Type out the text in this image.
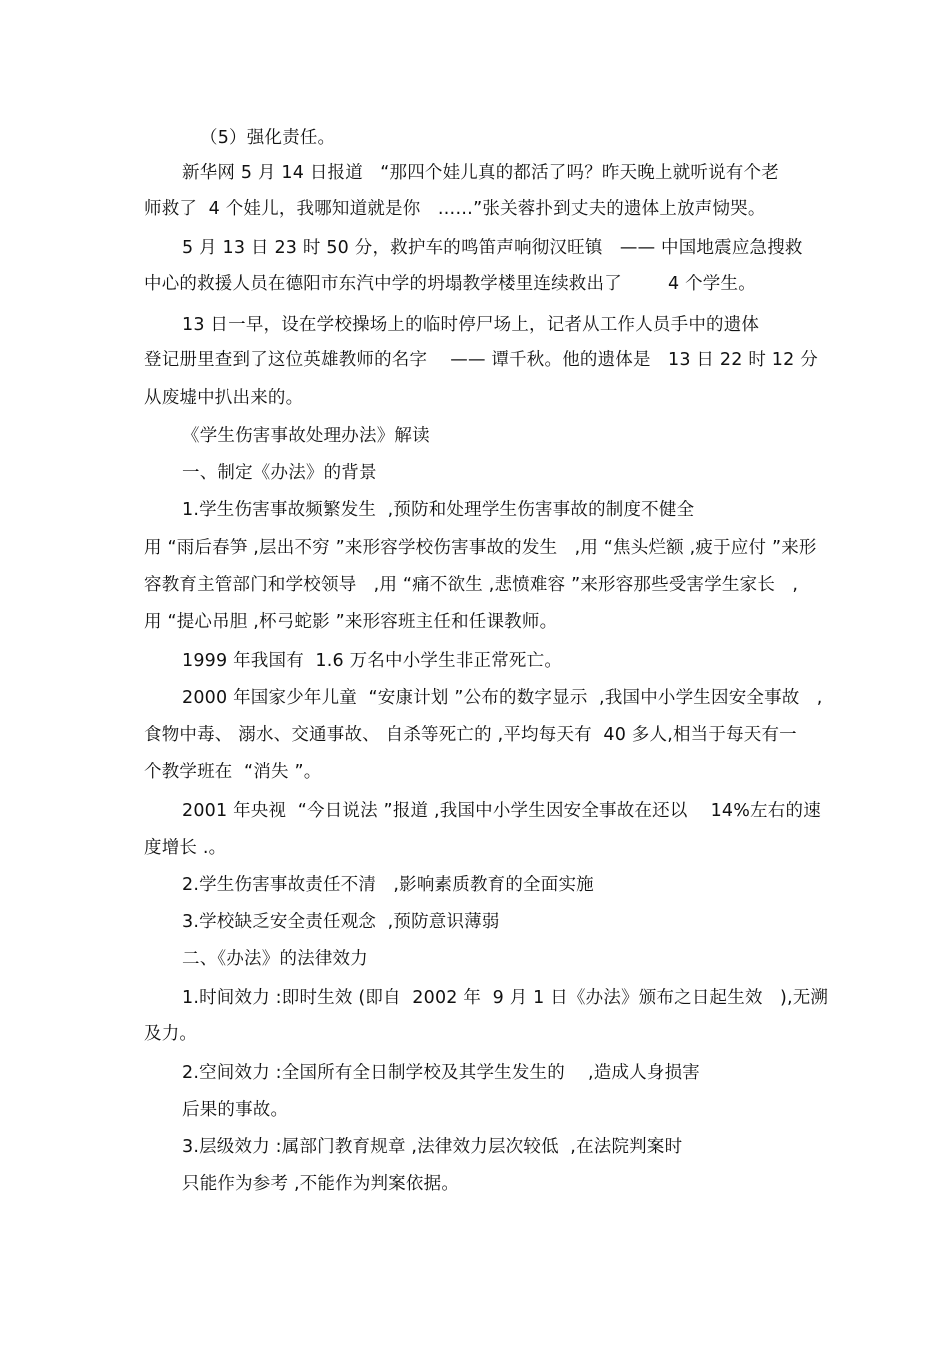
（5）强化责任。
新华网 5 月 14 日报道   “那四个娃儿真的都活了吗？昨天晚上就听说有个老
师救了  4 个娃儿，我哪知道就是你   ……”张关蓉扑到丈夫的遗体上放声恸哭。
5 月 13 日 23 时 50 分，救护车的鸣笛声响彻汉旺镇   —— 中国地震应急搜救
中心的救援人员在德阳市东汽中学的坍塌教学楼里连续救出了        4 个学生。
13 日一早，设在学校操场上的临时停尸场上，记者从工作人员手中的遗体
登记册里查到了这位英雄教师的名字    —— 谭千秋。他的遗体是   13 日 22 时 12 分
从废墟中扒出来的。
《学生伤害事故处理办法》解读
一、制定《办法》的背景
1.学生伤害事故频繁发生  ,预防和处理学生伤害事故的制度不健全
用 “雨后春笋 ,层出不穷 ”来形容学校伤害事故的发生   ,用 “焦头烂额 ,疲于应付 ”来形
容教育主管部门和学校领导   ,用 “痛不欲生 ,悲愤难容 ”来形容那些受害学生家长   ,
用 “提心吊胆 ,杯弓蛇影 ”来形容班主任和任课教师。
1999 年我国有  1.6 万名中小学生非正常死亡。
2000 年国家少年儿童  “安康计划 ”公布的数字显示  ,我国中小学生因安全事故   ,
食物中毒、 溺水、交通事故、 自杀等死亡的 ,平均每天有  40 多人,相当于每天有一
个教学班在  “消失 ”。
2001 年央视  “今日说法 ”报道 ,我国中小学生因安全事故在还以    14%左右的速
度增长 .。
2.学生伤害事故责任不清   ,影响素质教育的全面实施
3.学校缺乏安全责任观念  ,预防意识薄弱
二、《办法》的法律效力
1.时间效力 :即时生效 (即自  2002 年  9 月 1 日《办法》颁布之日起生效   ),无溯
及力。
2.空间效力 :全国所有全日制学校及其学生发生的    ,造成人身损害
后果的事故。
3.层级效力 :属部门教育规章 ,法律效力层次较低  ,在法院判案时
只能作为参考 ,不能作为判案依据。
